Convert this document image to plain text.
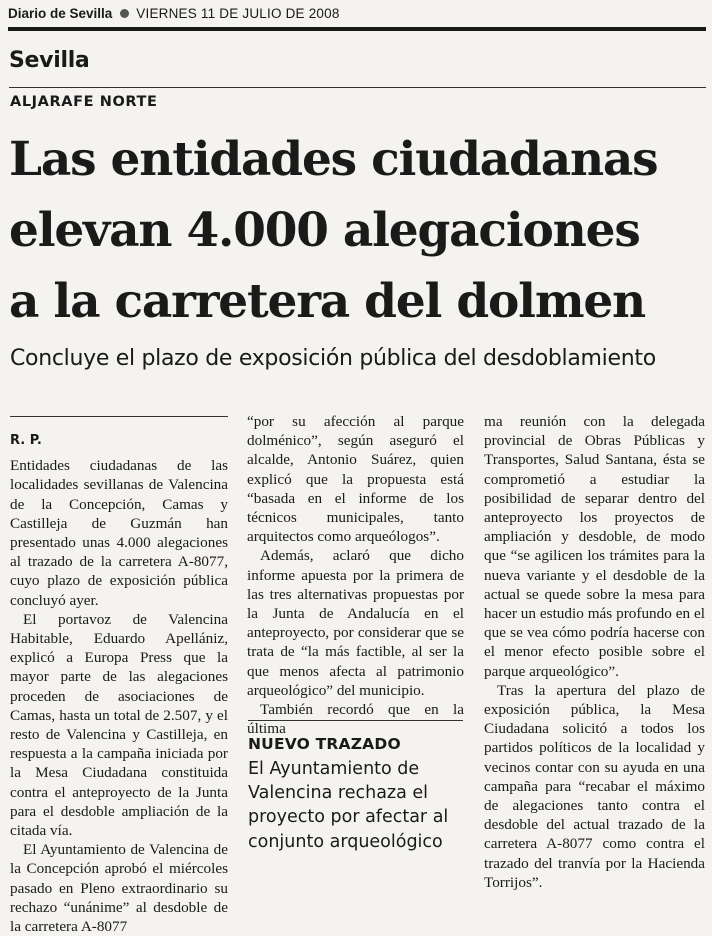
Diario de Sevilla VIERNES 11 DE JULIO DE 2008
Sevilla
ALJARAFE NORTE
Las entidades ciudadanas
elevan 4.000 alegaciones
a la carretera del dolmen
Concluye el plazo de exposición pública del desdoblamiento
R. P.

Entidades ciudadanas de las localidades sevillanas de Valencina de la Concepción, Camas y Castilleja de Guzmán han presentado unas 4.000 alegaciones al trazado de la carretera A-8077, cuyo plazo de exposición pública concluyó ayer.

El portavoz de Valencina Habitable, Eduardo Apellániz, explicó a Europa Press que la mayor parte de las alegaciones proceden de asociaciones de Camas, hasta un total de 2.507, y el resto de Valencina y Castilleja, en respuesta a la campaña iniciada por la Mesa Ciudadana constituida contra el anteproyecto de la Junta para el desdoble ampliación de la citada vía.

El Ayuntamiento de Valencina de la Concepción aprobó el miércoles pasado en Pleno extraordinario su rechazo “unánime” al desdoble de la carretera A-8077

“por su afección al parque dolménico”, según aseguró el alcalde, Antonio Suárez, quien explicó que la propuesta está “basada en el informe de los técnicos municipales, tanto arquitectos como arqueólogos”.

Además, aclaró que dicho informe apuesta por la primera de las tres alternativas propuestas por la Junta de Andalucía en el anteproyecto, por considerar que se trata de “la más factible, al ser la que menos afecta al patrimonio arqueológico” del municipio.

También recordó que en la última

NUEVO TRAZADO
El Ayuntamiento de Valencina rechaza el proyecto por afectar al conjunto arqueológico

ma reunión con la delegada provincial de Obras Públicas y Transportes, Salud Santana, ésta se comprometió a estudiar la posibilidad de separar dentro del anteproyecto los proyectos de ampliación y desdoble, de modo que “se agilicen los trámites para la nueva variante y el desdoble de la actual se quede sobre la mesa para hacer un estudio más profundo en el que se vea cómo podría hacerse con el menor efecto posible sobre el parque arqueológico”.

Tras la apertura del plazo de exposición pública, la Mesa Ciudadana solicitó a todos los partidos políticos de la localidad y vecinos contar con su ayuda en una campaña para “recabar el máximo de alegaciones tanto contra el desdoble del actual trazado de la carretera A-8077 como contra el trazado del tranvía por la Hacienda Torrijos”.
